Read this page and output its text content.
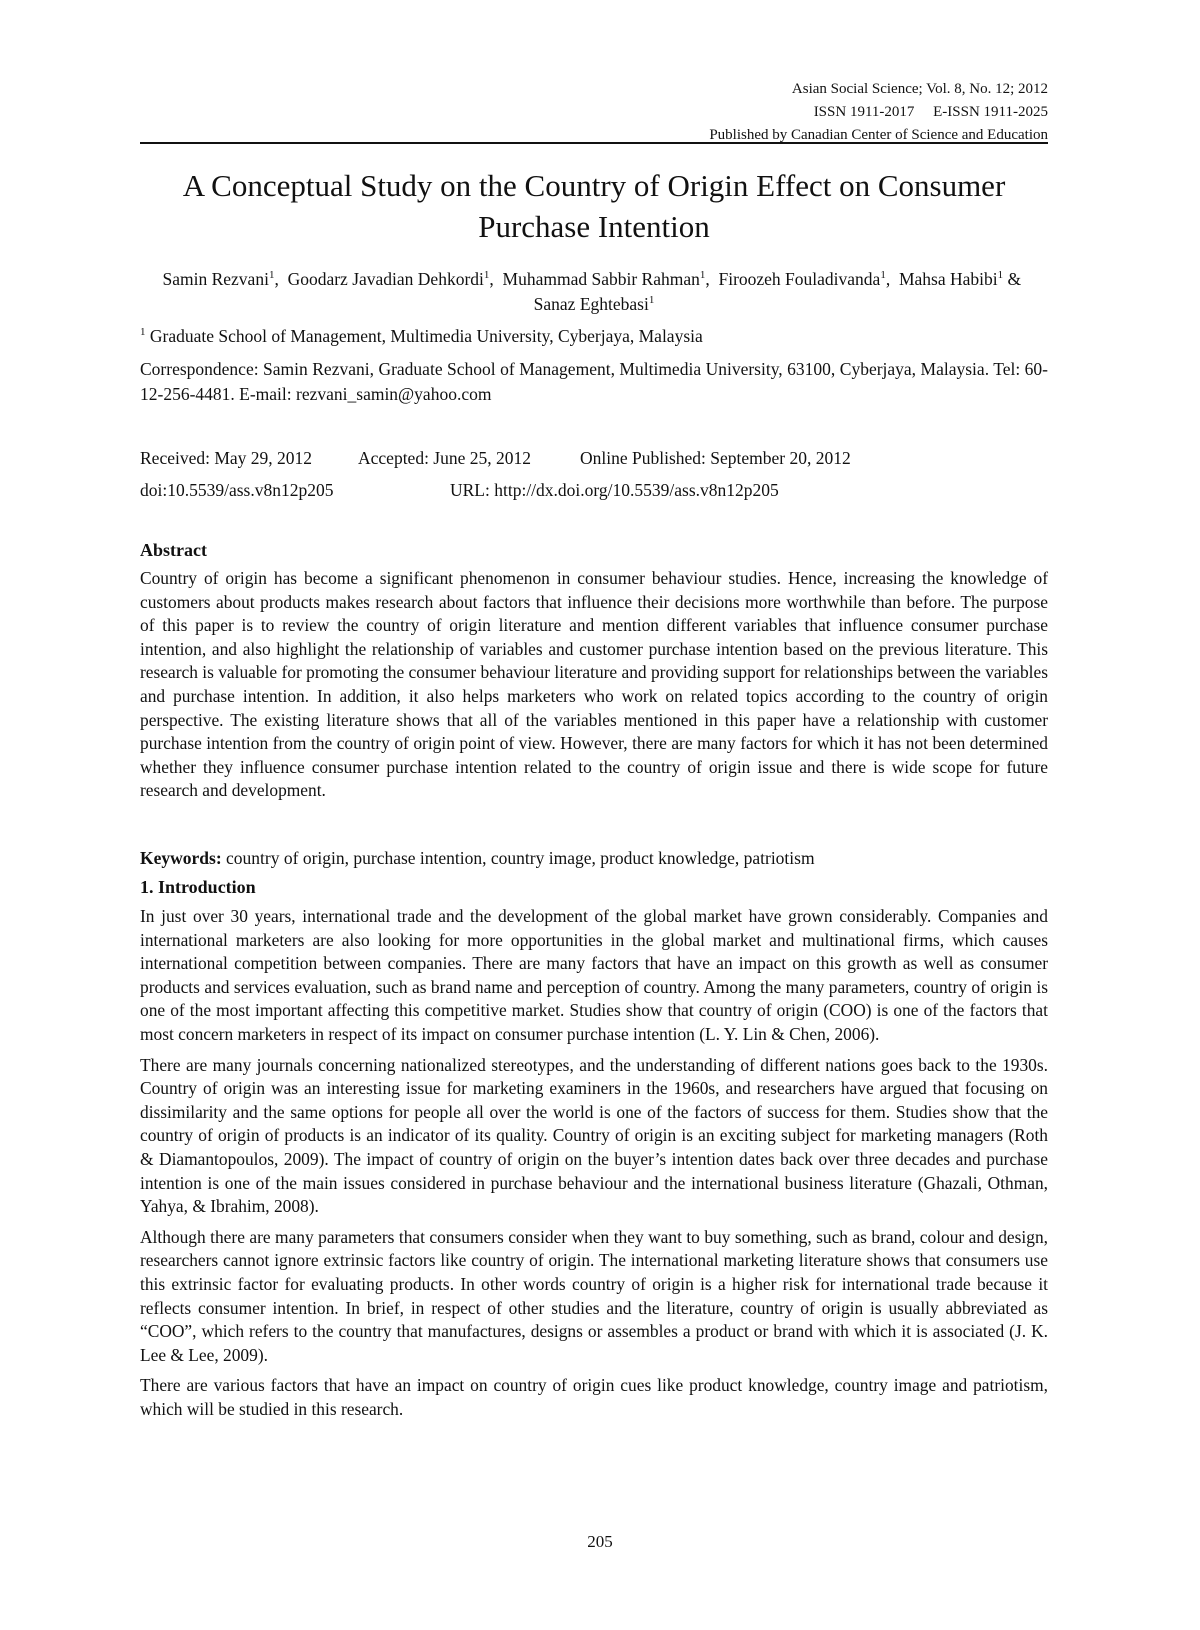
Asian Social Science; Vol. 8, No. 12; 2012
ISSN 1911-2017     E-ISSN 1911-2025
Published by Canadian Center of Science and Education
A Conceptual Study on the Country of Origin Effect on Consumer Purchase Intention
Samin Rezvani$^1$,  Goodarz Javadian Dehkordi$^1$,  Muhammad Sabbir Rahman$^1$,  Firoozeh Fouladivanda$^1$,  Mahsa Habibi$^1$ &  Sanaz Eghtebasi$^1$
$^1$ Graduate School of Management, Multimedia University, Cyberjaya, Malaysia
Correspondence: Samin Rezvani, Graduate School of Management, Multimedia University, 63100, Cyberjaya, Malaysia. Tel: 60-12-256-4481. E-mail: rezvani_samin@yahoo.com
Received: May 29, 2012	Accepted: June 25, 2012	Online Published: September 20, 2012
doi:10.5539/ass.v8n12p205	URL: http://dx.doi.org/10.5539/ass.v8n12p205
Abstract

Country of origin has become a significant phenomenon in consumer behaviour studies. Hence, increasing the knowledge of customers about products makes research about factors that influence their decisions more worthwhile than before. The purpose of this paper is to review the country of origin literature and mention different variables that influence consumer purchase intention, and also highlight the relationship of variables and customer purchase intention based on the previous literature. This research is valuable for promoting the consumer behaviour literature and providing support for relationships between the variables and purchase intention. In addition, it also helps marketers who work on related topics according to the country of origin perspective. The existing literature shows that all of the variables mentioned in this paper have a relationship with customer purchase intention from the country of origin point of view. However, there are many factors for which it has not been determined whether they influence consumer purchase intention related to the country of origin issue and there is wide scope for future research and development.

Keywords: country of origin, purchase intention, country image, product knowledge, patriotism
1. Introduction

In just over 30 years, international trade and the development of the global market have grown considerably. Companies and international marketers are also looking for more opportunities in the global market and multinational firms, which causes international competition between companies. There are many factors that have an impact on this growth as well as consumer products and services evaluation, such as brand name and perception of country. Among the many parameters, country of origin is one of the most important affecting this competitive market. Studies show that country of origin (COO) is one of the factors that most concern marketers in respect of its impact on consumer purchase intention (L. Y. Lin & Chen, 2006).

There are many journals concerning nationalized stereotypes, and the understanding of different nations goes back to the 1930s. Country of origin was an interesting issue for marketing examiners in the 1960s, and researchers have argued that focusing on dissimilarity and the same options for people all over the world is one of the factors of success for them. Studies show that the country of origin of products is an indicator of its quality. Country of origin is an exciting subject for marketing managers (Roth & Diamantopoulos, 2009). The impact of country of origin on the buyer’s intention dates back over three decades and purchase intention is one of the main issues considered in purchase behaviour and the international business literature (Ghazali, Othman, Yahya, & Ibrahim, 2008).

Although there are many parameters that consumers consider when they want to buy something, such as brand, colour and design, researchers cannot ignore extrinsic factors like country of origin. The international marketing literature shows that consumers use this extrinsic factor for evaluating products. In other words country of origin is a higher risk for international trade because it reflects consumer intention. In brief, in respect of other studies and the literature, country of origin is usually abbreviated as “COO”, which refers to the country that manufactures, designs or assembles a product or brand with which it is associated (J. K. Lee & Lee, 2009).

There are various factors that have an impact on country of origin cues like product knowledge, country image and patriotism, which will be studied in this research.

205
